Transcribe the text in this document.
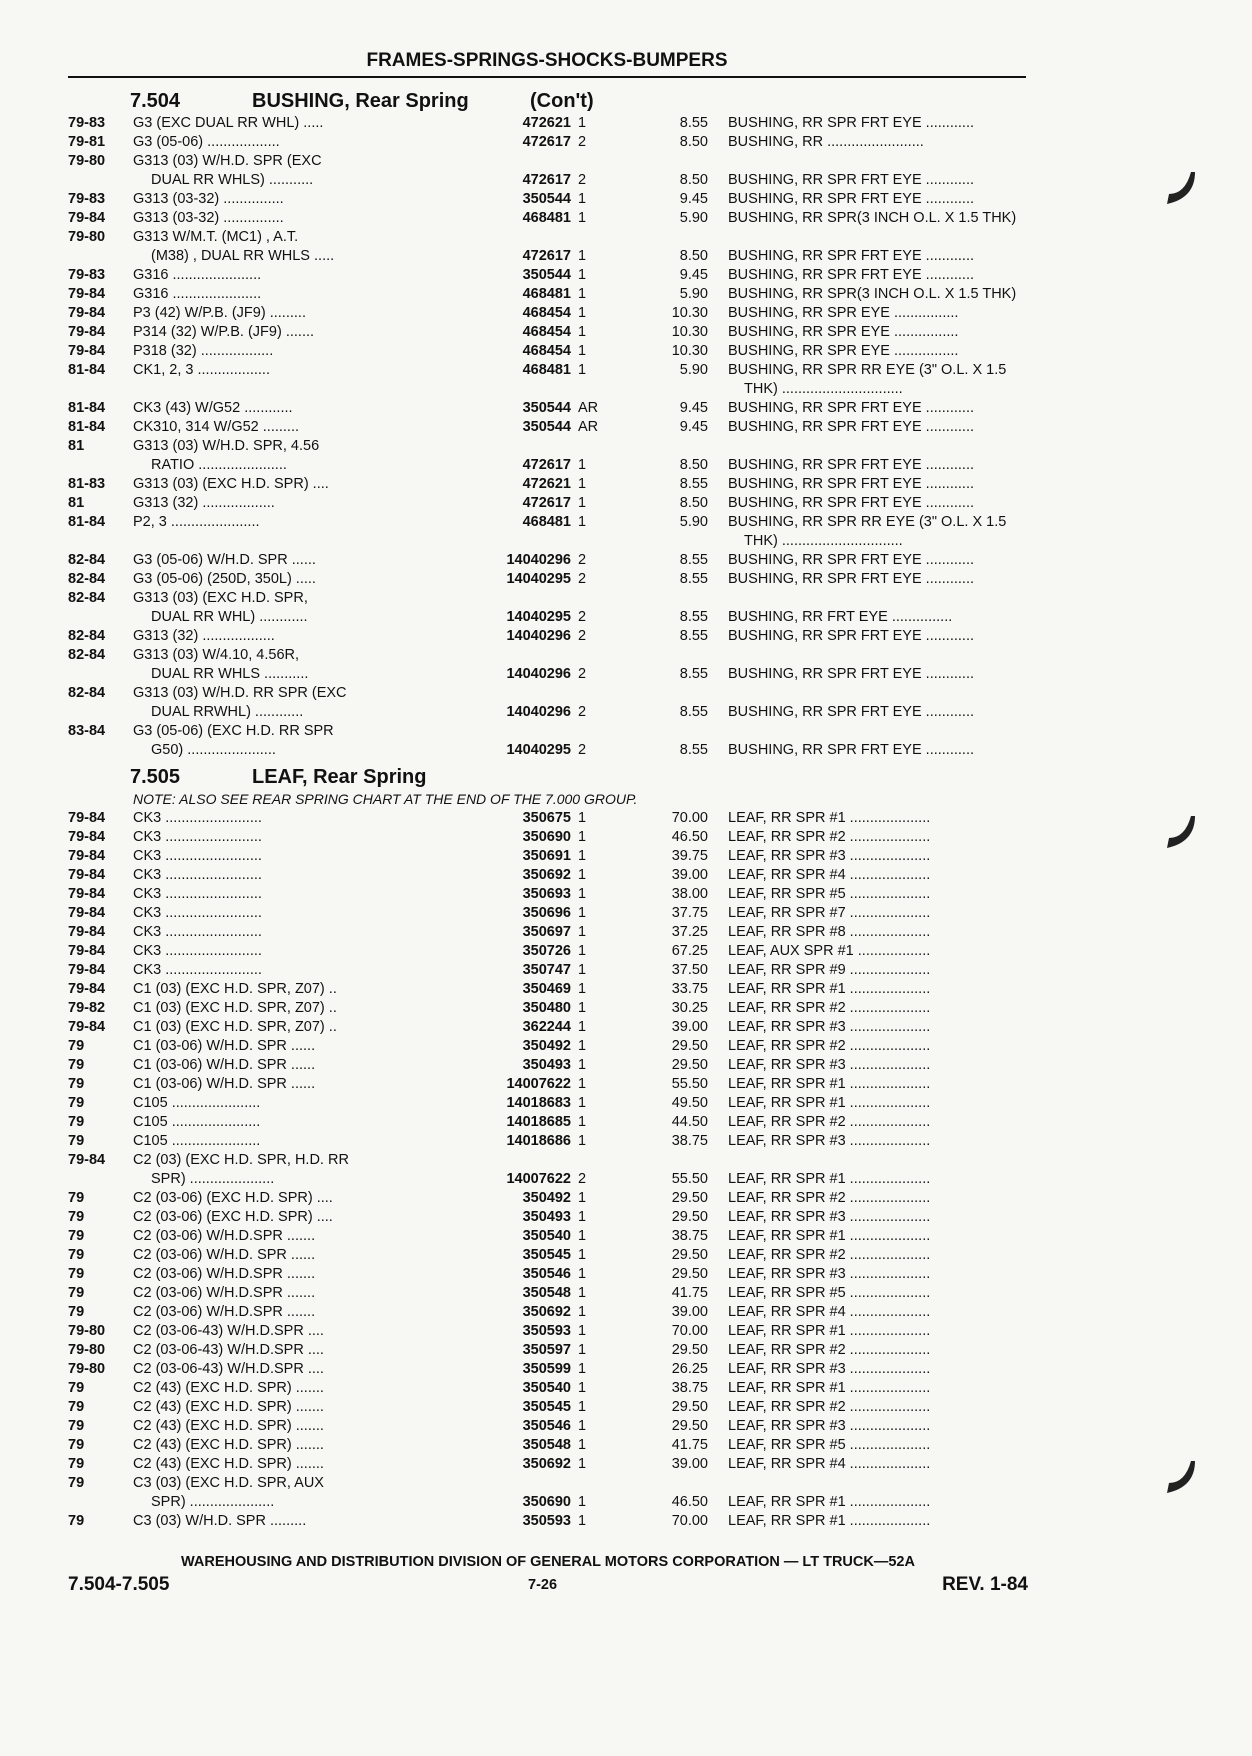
FRAMES-SPRINGS-SHOCKS-BUMPERS
7.504	BUSHING, Rear Spring	(Con't)
79-83	G3 (EXC DUAL RR WHL) .....	472621 1	8.55 BUSHING, RR SPR FRT EYE ............
79-81	G3 (05-06) ..................	472617 2	8.50 BUSHING, RR ........................
79-80	G313 (03) W/H.D. SPR (EXC
DUAL RR WHLS) ...........	472617 2	8.50 BUSHING, RR SPR FRT EYE ............
79-83	G313 (03-32) ...............	350544 1	9.45 BUSHING, RR SPR FRT EYE ............
79-84	G313 (03-32) ...............	468481 1	5.90 BUSHING, RR SPR(3 INCH O.L. X 1.5 THK)
79-80	G313 W/M.T. (MC1) , A.T.
(M38) , DUAL RR WHLS .....	472617 1	8.50 BUSHING, RR SPR FRT EYE ............
79-83	G316 ......................	350544 1	9.45 BUSHING, RR SPR FRT EYE ............
79-84	G316 ......................	468481 1	5.90 BUSHING, RR SPR(3 INCH O.L. X 1.5 THK)
79-84	P3 (42) W/P.B. (JF9) .........	468454 1	10.30 BUSHING, RR SPR EYE ................
79-84	P314 (32) W/P.B. (JF9) .......	468454 1	10.30 BUSHING, RR SPR EYE ................
79-84	P318 (32) ..................	468454 1	10.30 BUSHING, RR SPR EYE ................
81-84	CK1, 2, 3 ..................	468481 1	5.90 BUSHING, RR SPR RR EYE (3" O.L. X 1.5
THK) ..............................
81-84	CK3 (43) W/G52 ............	350544 AR	9.45 BUSHING, RR SPR FRT EYE ............
81-84	CK310, 314 W/G52 .........	350544 AR	9.45 BUSHING, RR SPR FRT EYE ............
81	G313 (03) W/H.D. SPR, 4.56
RATIO ......................	472617 1	8.50 BUSHING, RR SPR FRT EYE ............
81-83	G313 (03) (EXC H.D. SPR) ....	472621 1	8.55 BUSHING, RR SPR FRT EYE ............
81	G313 (32) ..................	472617 1	8.50 BUSHING, RR SPR FRT EYE ............
81-84	P2, 3 ......................	468481 1	5.90 BUSHING, RR SPR RR EYE (3" O.L. X 1.5
THK) ..............................
82-84	G3 (05-06) W/H.D. SPR ......	14040296 2	8.55 BUSHING, RR SPR FRT EYE ............
82-84	G3 (05-06) (250D, 350L) .....	14040295 2	8.55 BUSHING, RR SPR FRT EYE ............
82-84	G313 (03) (EXC H.D. SPR,
DUAL RR WHL) ............	14040295 2	8.55 BUSHING, RR FRT EYE ...............
82-84	G313 (32) ..................	14040296 2	8.55 BUSHING, RR SPR FRT EYE ............
82-84	G313 (03) W/4.10, 4.56R,
DUAL RR WHLS ...........	14040296 2	8.55 BUSHING, RR SPR FRT EYE ............
82-84	G313 (03) W/H.D. RR SPR (EXC
DUAL RRWHL) ............	14040296 2	8.55 BUSHING, RR SPR FRT EYE ............
83-84	G3 (05-06) (EXC H.D. RR SPR
G50) ......................	14040295 2	8.55 BUSHING, RR SPR FRT EYE ............
7.505	LEAF, Rear Spring
NOTE: ALSO SEE REAR SPRING CHART AT THE END OF THE 7.000 GROUP.
79-84	CK3 ........................	350675 1	70.00 LEAF, RR SPR #1 ....................
79-84	CK3 ........................	350690 1	46.50 LEAF, RR SPR #2 ....................
79-84	CK3 ........................	350691 1	39.75 LEAF, RR SPR #3 ....................
79-84	CK3 ........................	350692 1	39.00 LEAF, RR SPR #4 ....................
79-84	CK3 ........................	350693 1	38.00 LEAF, RR SPR #5 ....................
79-84	CK3 ........................	350696 1	37.75 LEAF, RR SPR #7 ....................
79-84	CK3 ........................	350697 1	37.25 LEAF, RR SPR #8 ....................
79-84	CK3 ........................	350726 1	67.25 LEAF, AUX SPR #1 ..................
79-84	CK3 ........................	350747 1	37.50 LEAF, RR SPR #9 ....................
79-84	C1 (03) (EXC H.D. SPR, Z07) ..	350469 1	33.75 LEAF, RR SPR #1 ....................
79-82	C1 (03) (EXC H.D. SPR, Z07) ..	350480 1	30.25 LEAF, RR SPR #2 ....................
79-84	C1 (03) (EXC H.D. SPR, Z07) ..	362244 1	39.00 LEAF, RR SPR #3 ....................
79	C1 (03-06) W/H.D. SPR ......	350492 1	29.50 LEAF, RR SPR #2 ....................
79	C1 (03-06) W/H.D. SPR ......	350493 1	29.50 LEAF, RR SPR #3 ....................
79	C1 (03-06) W/H.D. SPR ......	14007622 1	55.50 LEAF, RR SPR #1 ....................
79	C105 ......................	14018683 1	49.50 LEAF, RR SPR #1 ....................
79	C105 ......................	14018685 1	44.50 LEAF, RR SPR #2 ....................
79	C105 ......................	14018686 1	38.75 LEAF, RR SPR #3 ....................
79-84	C2 (03) (EXC H.D. SPR, H.D. RR
SPR) .....................	14007622 2	55.50 LEAF, RR SPR #1 ....................
79	C2 (03-06) (EXC H.D. SPR) ....	350492 1	29.50 LEAF, RR SPR #2 ....................
79	C2 (03-06) (EXC H.D. SPR) ....	350493 1	29.50 LEAF, RR SPR #3 ....................
79	C2 (03-06) W/H.D.SPR .......	350540 1	38.75 LEAF, RR SPR #1 ....................
79	C2 (03-06) W/H.D. SPR ......	350545 1	29.50 LEAF, RR SPR #2 ....................
79	C2 (03-06) W/H.D.SPR .......	350546 1	29.50 LEAF, RR SPR #3 ....................
79	C2 (03-06) W/H.D.SPR .......	350548 1	41.75 LEAF, RR SPR #5 ....................
79	C2 (03-06) W/H.D.SPR .......	350692 1	39.00 LEAF, RR SPR #4 ....................
79-80	C2 (03-06-43) W/H.D.SPR ....	350593 1	70.00 LEAF, RR SPR #1 ....................
79-80	C2 (03-06-43) W/H.D.SPR ....	350597 1	29.50 LEAF, RR SPR #2 ....................
79-80	C2 (03-06-43) W/H.D.SPR ....	350599 1	26.25 LEAF, RR SPR #3 ....................
79	C2 (43) (EXC H.D. SPR) .......	350540 1	38.75 LEAF, RR SPR #1 ....................
79	C2 (43) (EXC H.D. SPR) .......	350545 1	29.50 LEAF, RR SPR #2 ....................
79	C2 (43) (EXC H.D. SPR) .......	350546 1	29.50 LEAF, RR SPR #3 ....................
79	C2 (43) (EXC H.D. SPR) .......	350548 1	41.75 LEAF, RR SPR #5 ....................
79	C2 (43) (EXC H.D. SPR) .......	350692 1	39.00 LEAF, RR SPR #4 ....................
79	C3 (03) (EXC H.D. SPR, AUX
SPR) .....................	350690 1	46.50 LEAF, RR SPR #1 ....................
79	C3 (03) W/H.D. SPR .........	350593 1	70.00 LEAF, RR SPR #1 ....................
WAREHOUSING AND DISTRIBUTION DIVISION OF GENERAL MOTORS CORPORATION — LT TRUCK—52A
7.504-7.505	7-26	REV. 1-84
